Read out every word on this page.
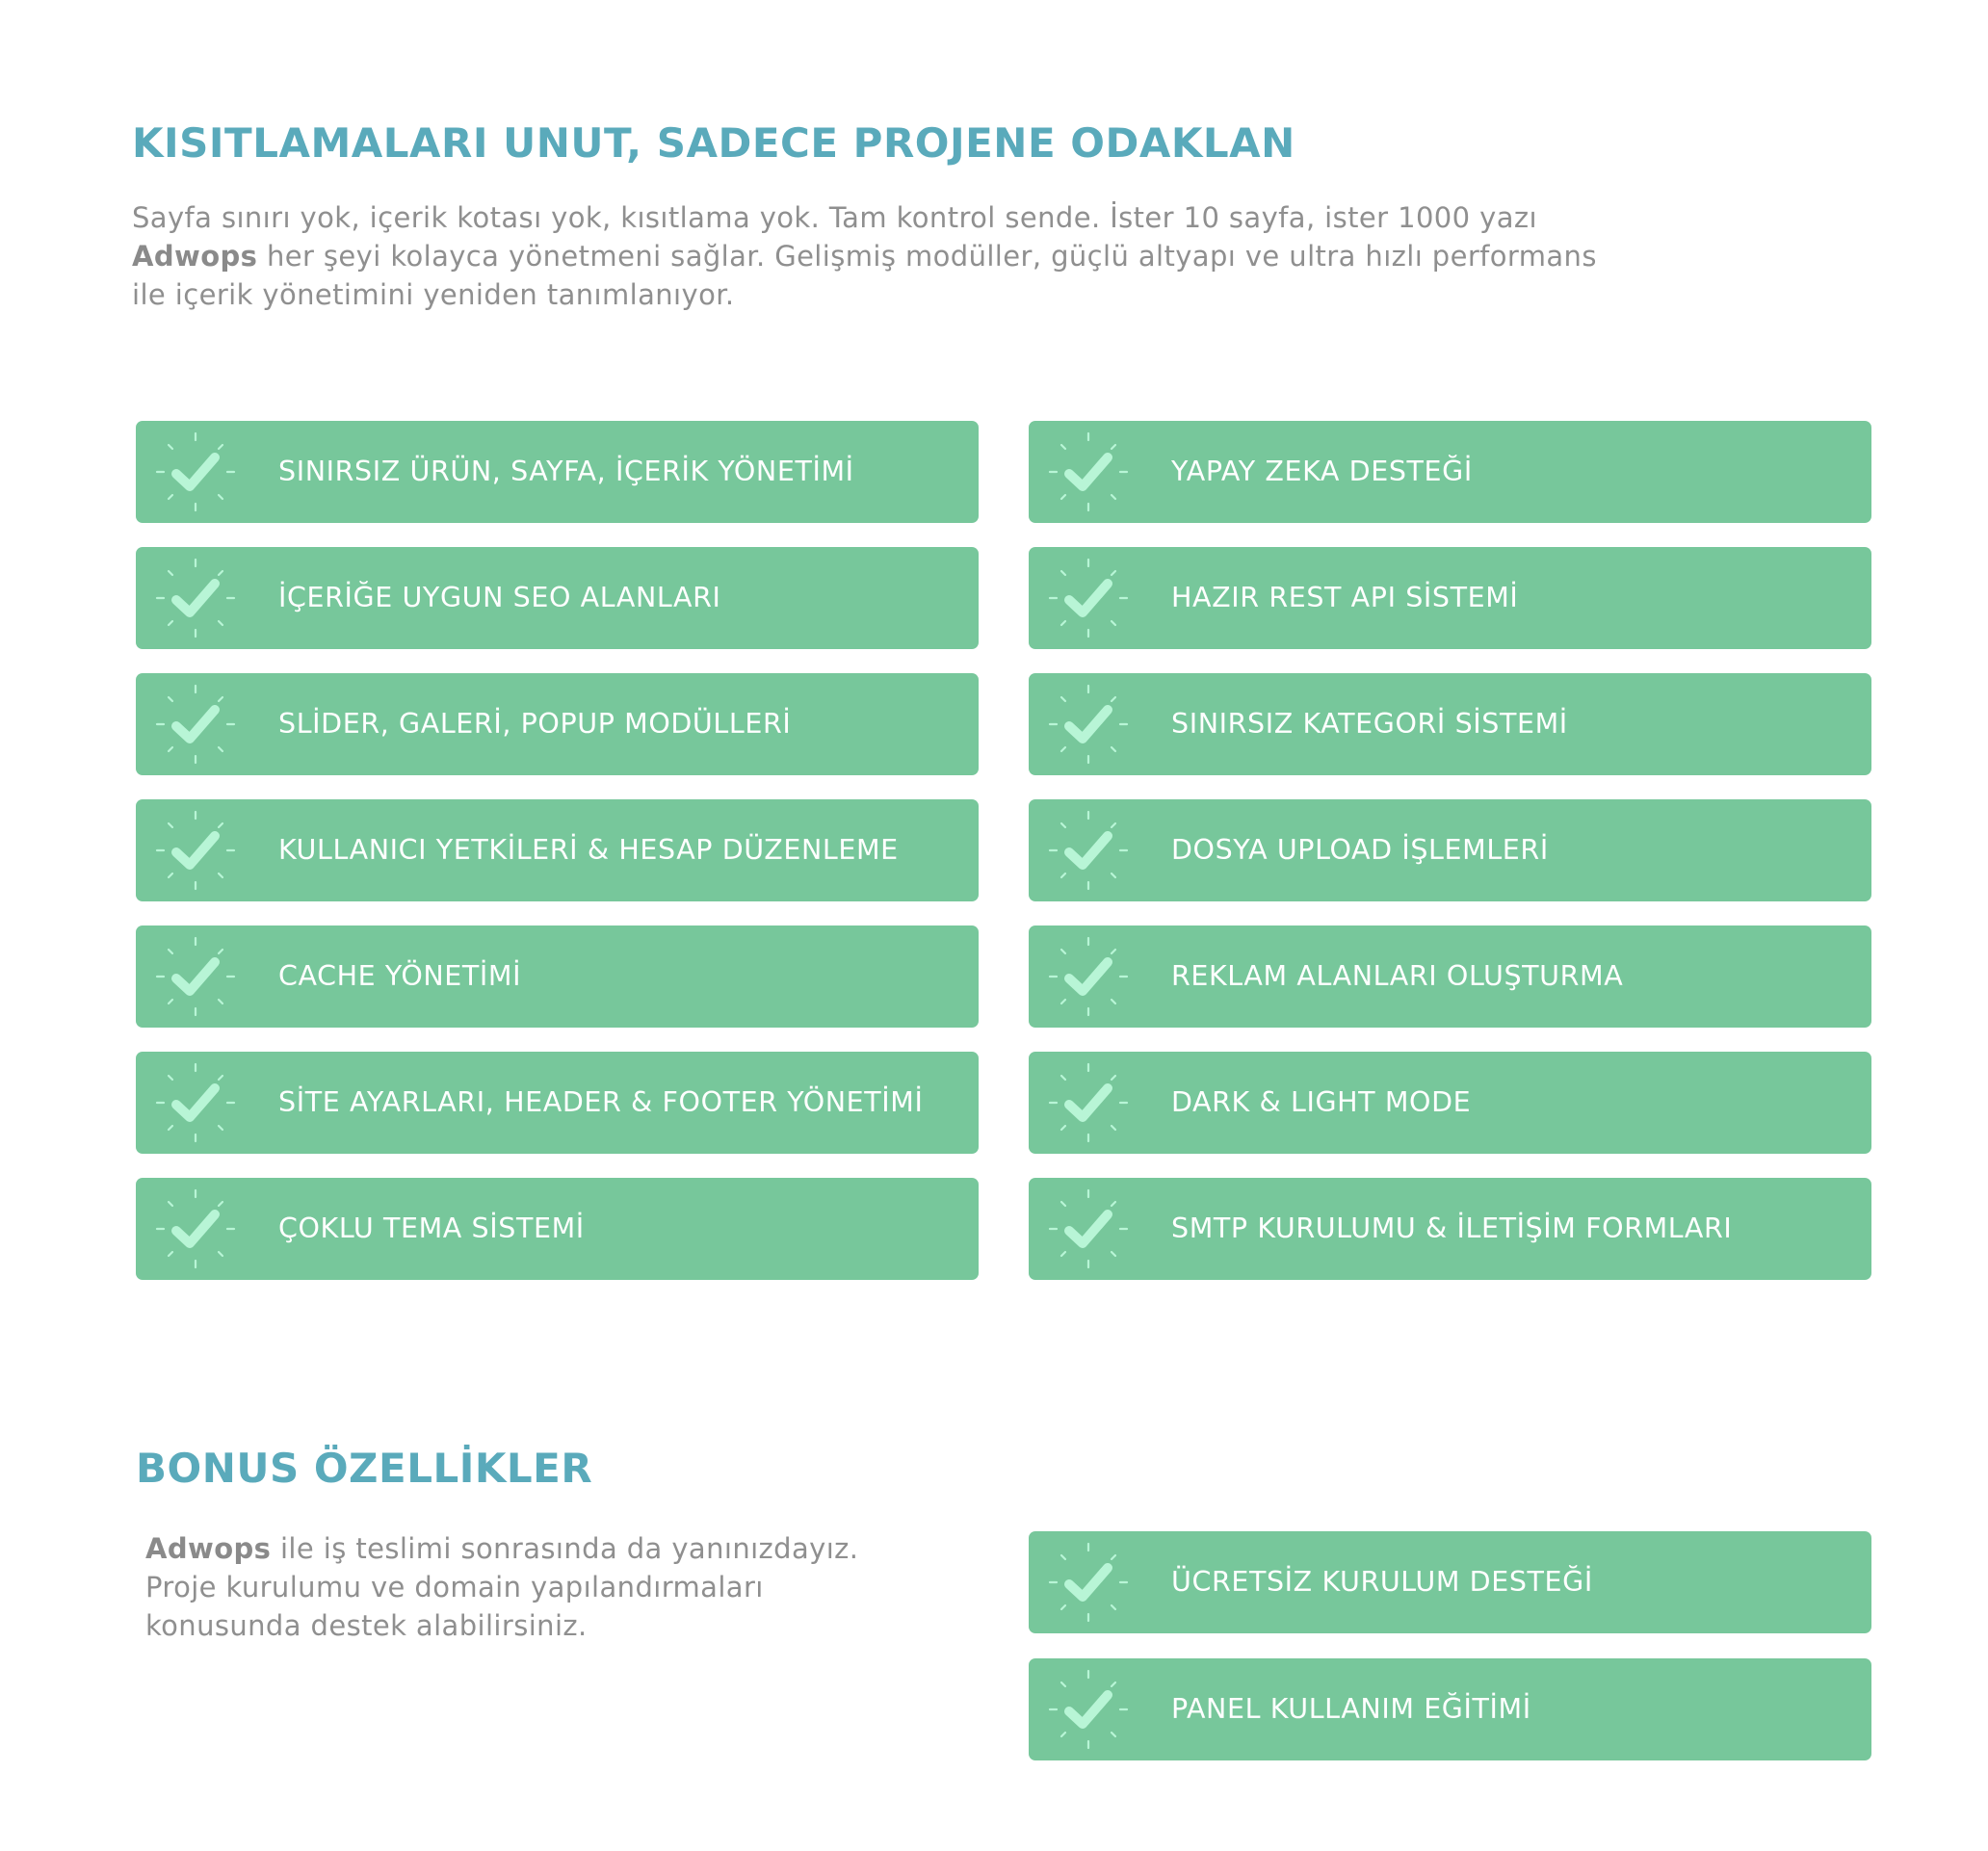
KISITLAMALARI UNUT, SADECE PROJENE ODAKLAN
Sayfa sınırı yok, içerik kotası yok, kısıtlama yok. Tam kontrol sende. İster 10 sayfa, ister 1000 yazı
Adwops her şeyi kolayca yönetmeni sağlar. Gelişmiş modüller, güçlü altyapı ve ultra hızlı performans
ile içerik yönetimini yeniden tanımlanıyor.
SINIRSIZ ÜRÜN, SAYFA, İÇERİK YÖNETİMİ
İÇERİĞE UYGUN SEO ALANLARI
SLİDER, GALERİ, POPUP MODÜLLERİ
KULLANICI YETKİLERİ & HESAP DÜZENLEME
CACHE YÖNETİMİ
SİTE AYARLARI, HEADER & FOOTER YÖNETİMİ
ÇOKLU TEMA SİSTEMİ
YAPAY ZEKA DESTEĞİ
HAZIR REST API SİSTEMİ
SINIRSIZ KATEGORİ SİSTEMİ
DOSYA UPLOAD İŞLEMLERİ
REKLAM ALANLARI OLUŞTURMA
DARK & LIGHT MODE
SMTP KURULUMU & İLETİŞİM FORMLARI
BONUS ÖZELLİKLER
Adwops ile iş teslimi sonrasında da yanınızdayız.
Proje kurulumu ve domain yapılandırmaları
konusunda destek alabilirsiniz.
ÜCRETSİZ KURULUM DESTEĞİ
PANEL KULLANIM EĞİTİMİ
